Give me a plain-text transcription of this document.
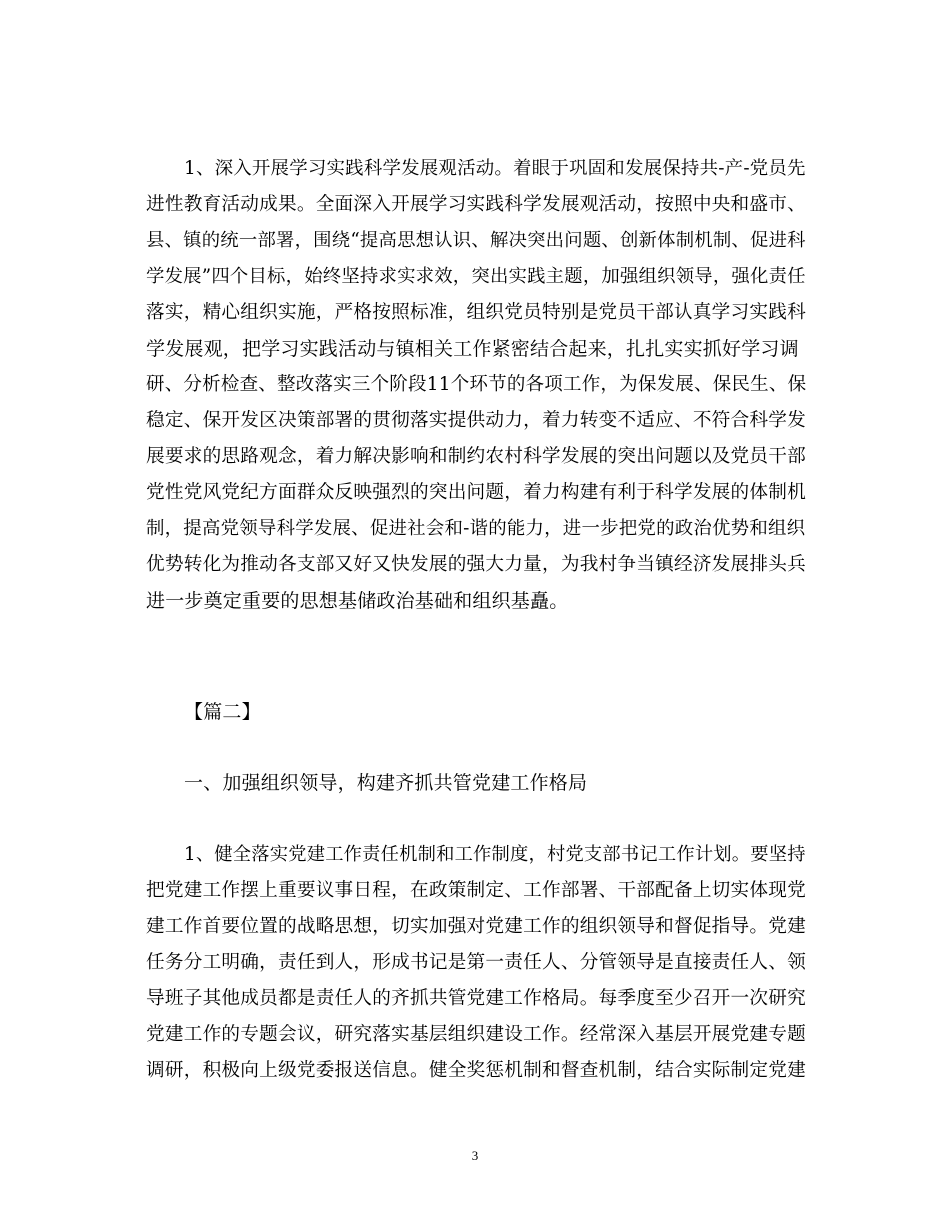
1、深入开展学习实践科学发展观活动。着眼于巩固和发展保持共-产-党员先
进性教育活动成果。全面深入开展学习实践科学发展观活动，按照中央和盛市、
县、镇的统一部署，围绕“提高思想认识、解决突出问题、创新体制机制、促进科
学发展”四个目标，始终坚持求实求效，突出实践主题，加强组织领导，强化责任
落实，精心组织实施，严格按照标准，组织党员特别是党员干部认真学习实践科
学发展观，把学习实践活动与镇相关工作紧密结合起来，扎扎实实抓好学习调
研、分析检查、整改落实三个阶段11个环节的各项工作，为保发展、保民生、保
稳定、保开发区决策部署的贯彻落实提供动力，着力转变不适应、不符合科学发
展要求的思路观念，着力解决影响和制约农村科学发展的突出问题以及党员干部
党性党风党纪方面群众反映强烈的突出问题，着力构建有利于科学发展的体制机
制，提高党领导科学发展、促进社会和-谐的能力，进一步把党的政治优势和组织
优势转化为推动各支部又好又快发展的强大力量，为我村争当镇经济发展排头兵
进一步奠定重要的思想基储政治基础和组织基矗。
【篇二】
一、加强组织领导，构建齐抓共管党建工作格局
1、健全落实党建工作责任机制和工作制度，村党支部书记工作计划。要坚持
把党建工作摆上重要议事日程，在政策制定、工作部署、干部配备上切实体现党
建工作首要位置的战略思想，切实加强对党建工作的组织领导和督促指导。党建
任务分工明确，责任到人，形成书记是第一责任人、分管领导是直接责任人、领
导班子其他成员都是责任人的齐抓共管党建工作格局。每季度至少召开一次研究
党建工作的专题会议，研究落实基层组织建设工作。经常深入基层开展党建专题
调研，积极向上级党委报送信息。健全奖惩机制和督查机制，结合实际制定党建
3
